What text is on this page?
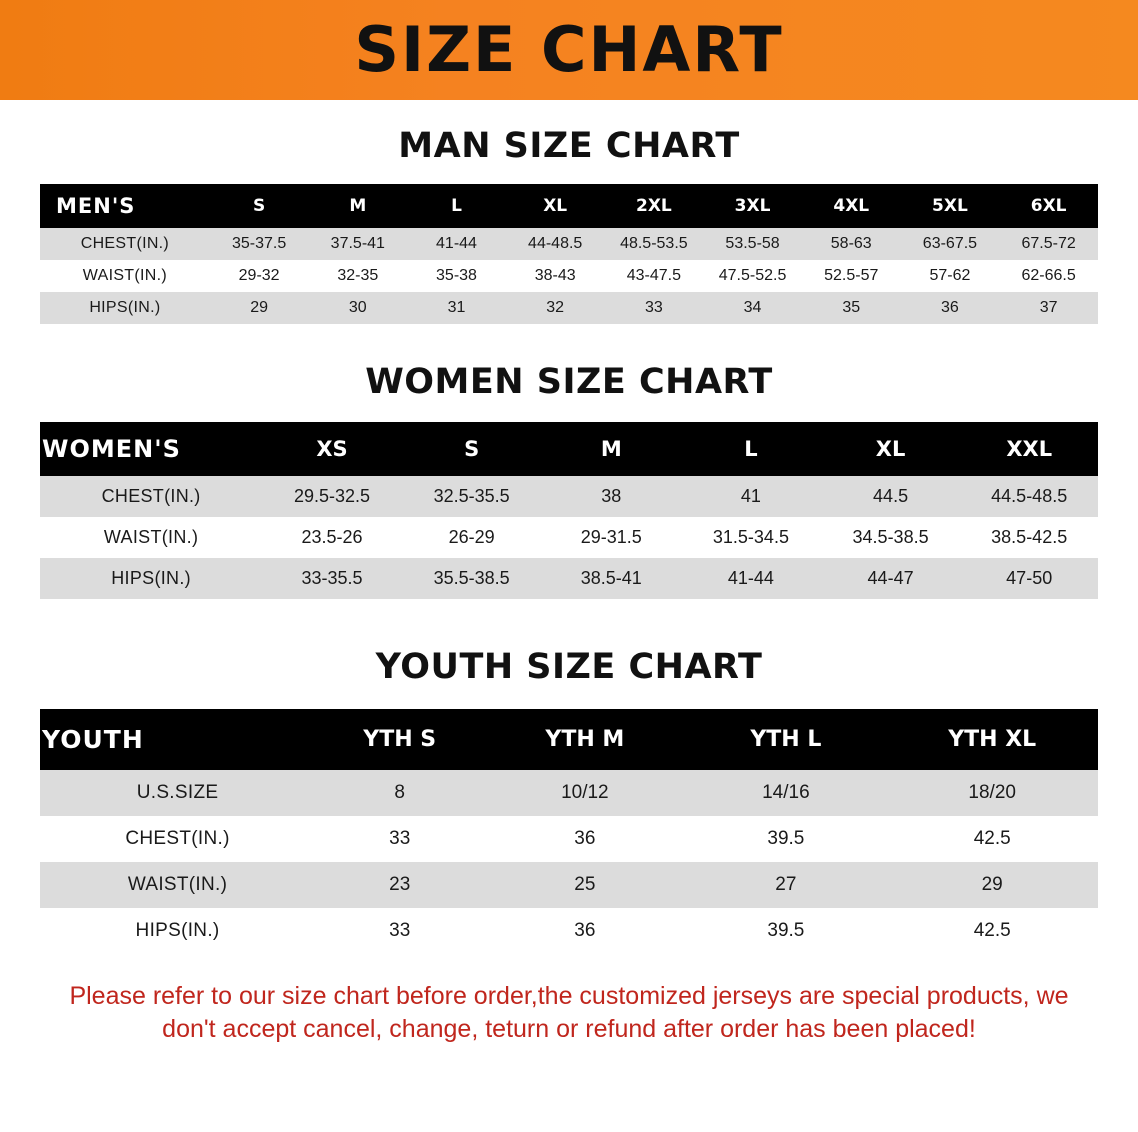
SIZE CHART
MAN SIZE CHART
MEN'S	S	M	L	XL	2XL	3XL	4XL	5XL	6XL
CHEST(IN.)	35-37.5	37.5-41	41-44	44-48.5	48.5-53.5	53.5-58	58-63	63-67.5	67.5-72
WAIST(IN.)	29-32	32-35	35-38	38-43	43-47.5	47.5-52.5	52.5-57	57-62	62-66.5
HIPS(IN.)	29	30	31	32	33	34	35	36	37
WOMEN SIZE CHART
WOMEN'S	XS	S	M	L	XL	XXL
CHEST(IN.)	29.5-32.5	32.5-35.5	38	41	44.5	44.5-48.5
WAIST(IN.)	23.5-26	26-29	29-31.5	31.5-34.5	34.5-38.5	38.5-42.5
HIPS(IN.)	33-35.5	35.5-38.5	38.5-41	41-44	44-47	47-50
YOUTH SIZE CHART
YOUTH	YTH S	YTH M	YTH L	YTH XL
U.S.SIZE	8	10/12	14/16	18/20
CHEST(IN.)	33	36	39.5	42.5
WAIST(IN.)	23	25	27	29
HIPS(IN.)	33	36	39.5	42.5
Please refer to our size chart before order,the customized jerseys are special products, we don't accept cancel, change, teturn or refund after order has been placed!
